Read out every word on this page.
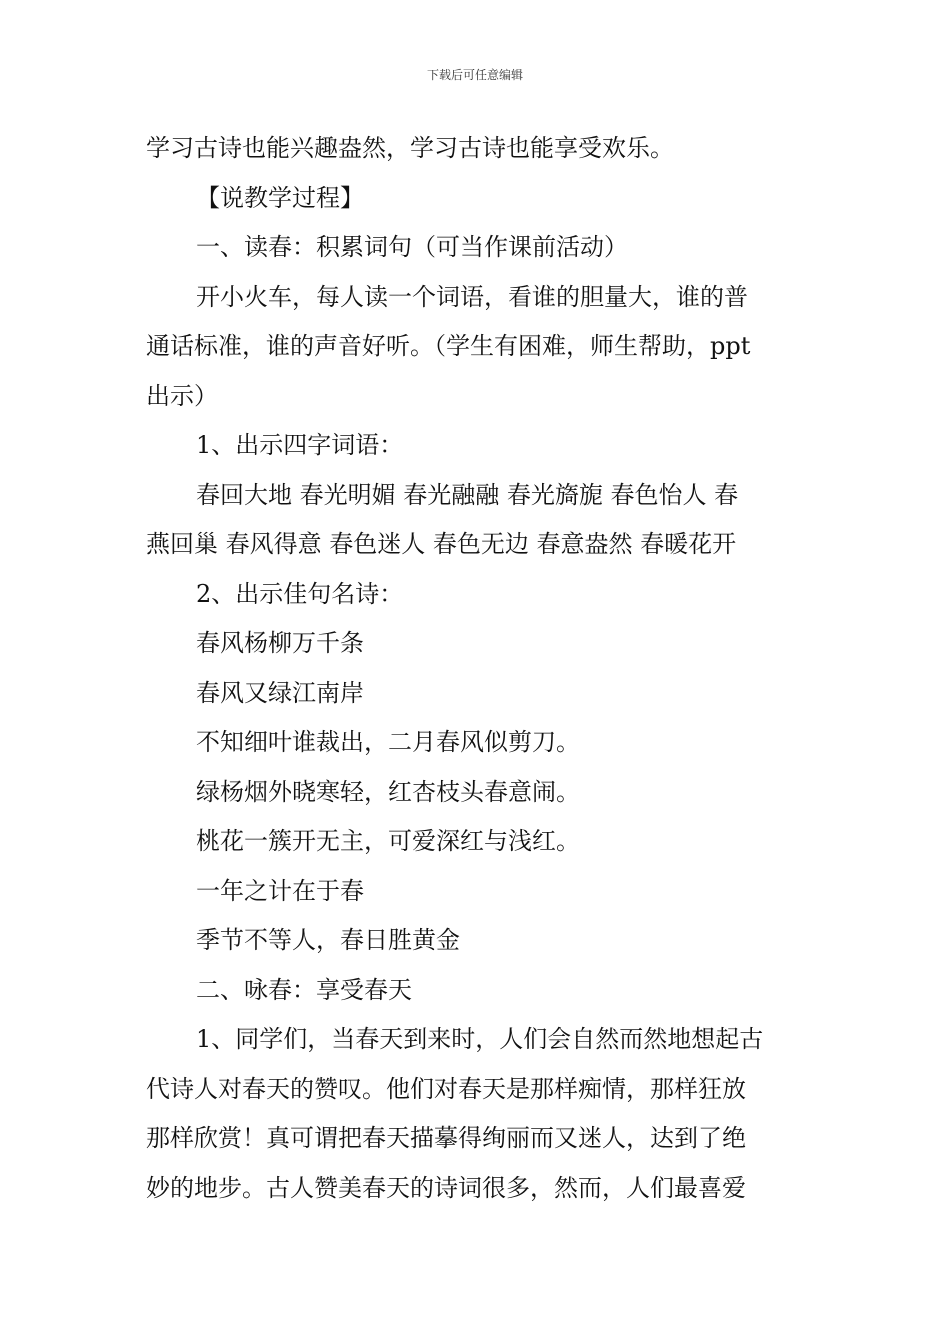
下载后可任意编辑

学习古诗也能兴趣盎然，学习古诗也能享受欢乐。

【说教学过程】

一、读春：积累词句（可当作课前活动）

开小火车，每人读一个词语，看谁的胆量大，谁的普

通话标准，谁的声音好听。（学生有困难，师生帮助，ppt

出示）

1、出示四字词语：

春回大地 春光明媚 春光融融 春光旖旎 春色怡人 春

燕回巢 春风得意 春色迷人 春色无边 春意盎然 春暖花开

2、出示佳句名诗：

春风杨柳万千条

春风又绿江南岸

不知细叶谁裁出，二月春风似剪刀。

绿杨烟外晓寒轻，红杏枝头春意闹。

桃花一簇开无主，可爱深红与浅红。

一年之计在于春

季节不等人，春日胜黄金

二、咏春：享受春天

1、同学们，当春天到来时，人们会自然而然地想起古

代诗人对春天的赞叹。他们对春天是那样痴情，那样狂放

那样欣赏！真可谓把春天描摹得绚丽而又迷人，达到了绝

妙的地步。古人赞美春天的诗词很多，然而，人们最喜爱
